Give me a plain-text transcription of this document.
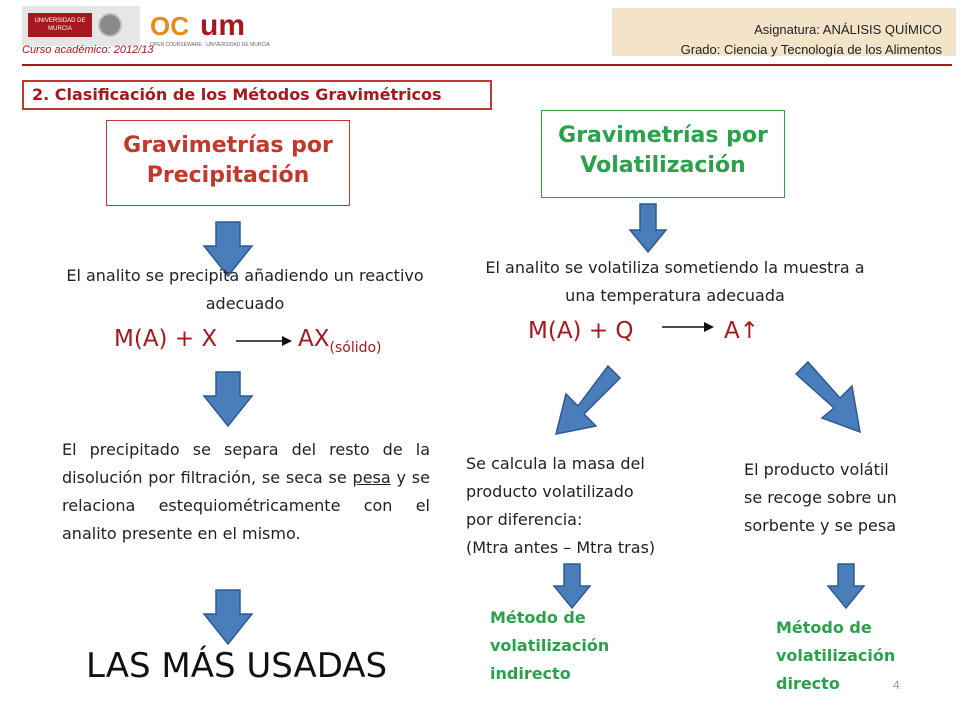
UNIVERSIDAD DE MURCIA	OC um
OPEN COURSEWARE · UNIVERSIDAD DE MURCIA
Curso académico: 2012/13
Asignatura: ANÁLISIS QUÍMICO
Grado: Ciencia y Tecnología de los Alimentos
2. Clasificación de los Métodos Gravimétricos
Gravimetrías por
Precipitación
El analito se precipita añadiendo un reactivo adecuado
M(A) + X	$AX_{(sólido)}$
El precipitado se separa del resto de la disolución por filtración, se seca se pesa y se relaciona estequiométricamente con el analito presente en el mismo.
LAS MÁS USADAS
Gravimetrías por
Volatilización
El analito se volatiliza sometiendo la muestra a una temperatura adecuada
M(A) + Q	A↑
Se calcula la masa del
producto volatilizado
por diferencia:
(Mtra antes – Mtra tras)
El producto volátil
se recoge sobre un
sorbente y se pesa
Método de
volatilización
indirecto
Método de
volatilización
directo	4
